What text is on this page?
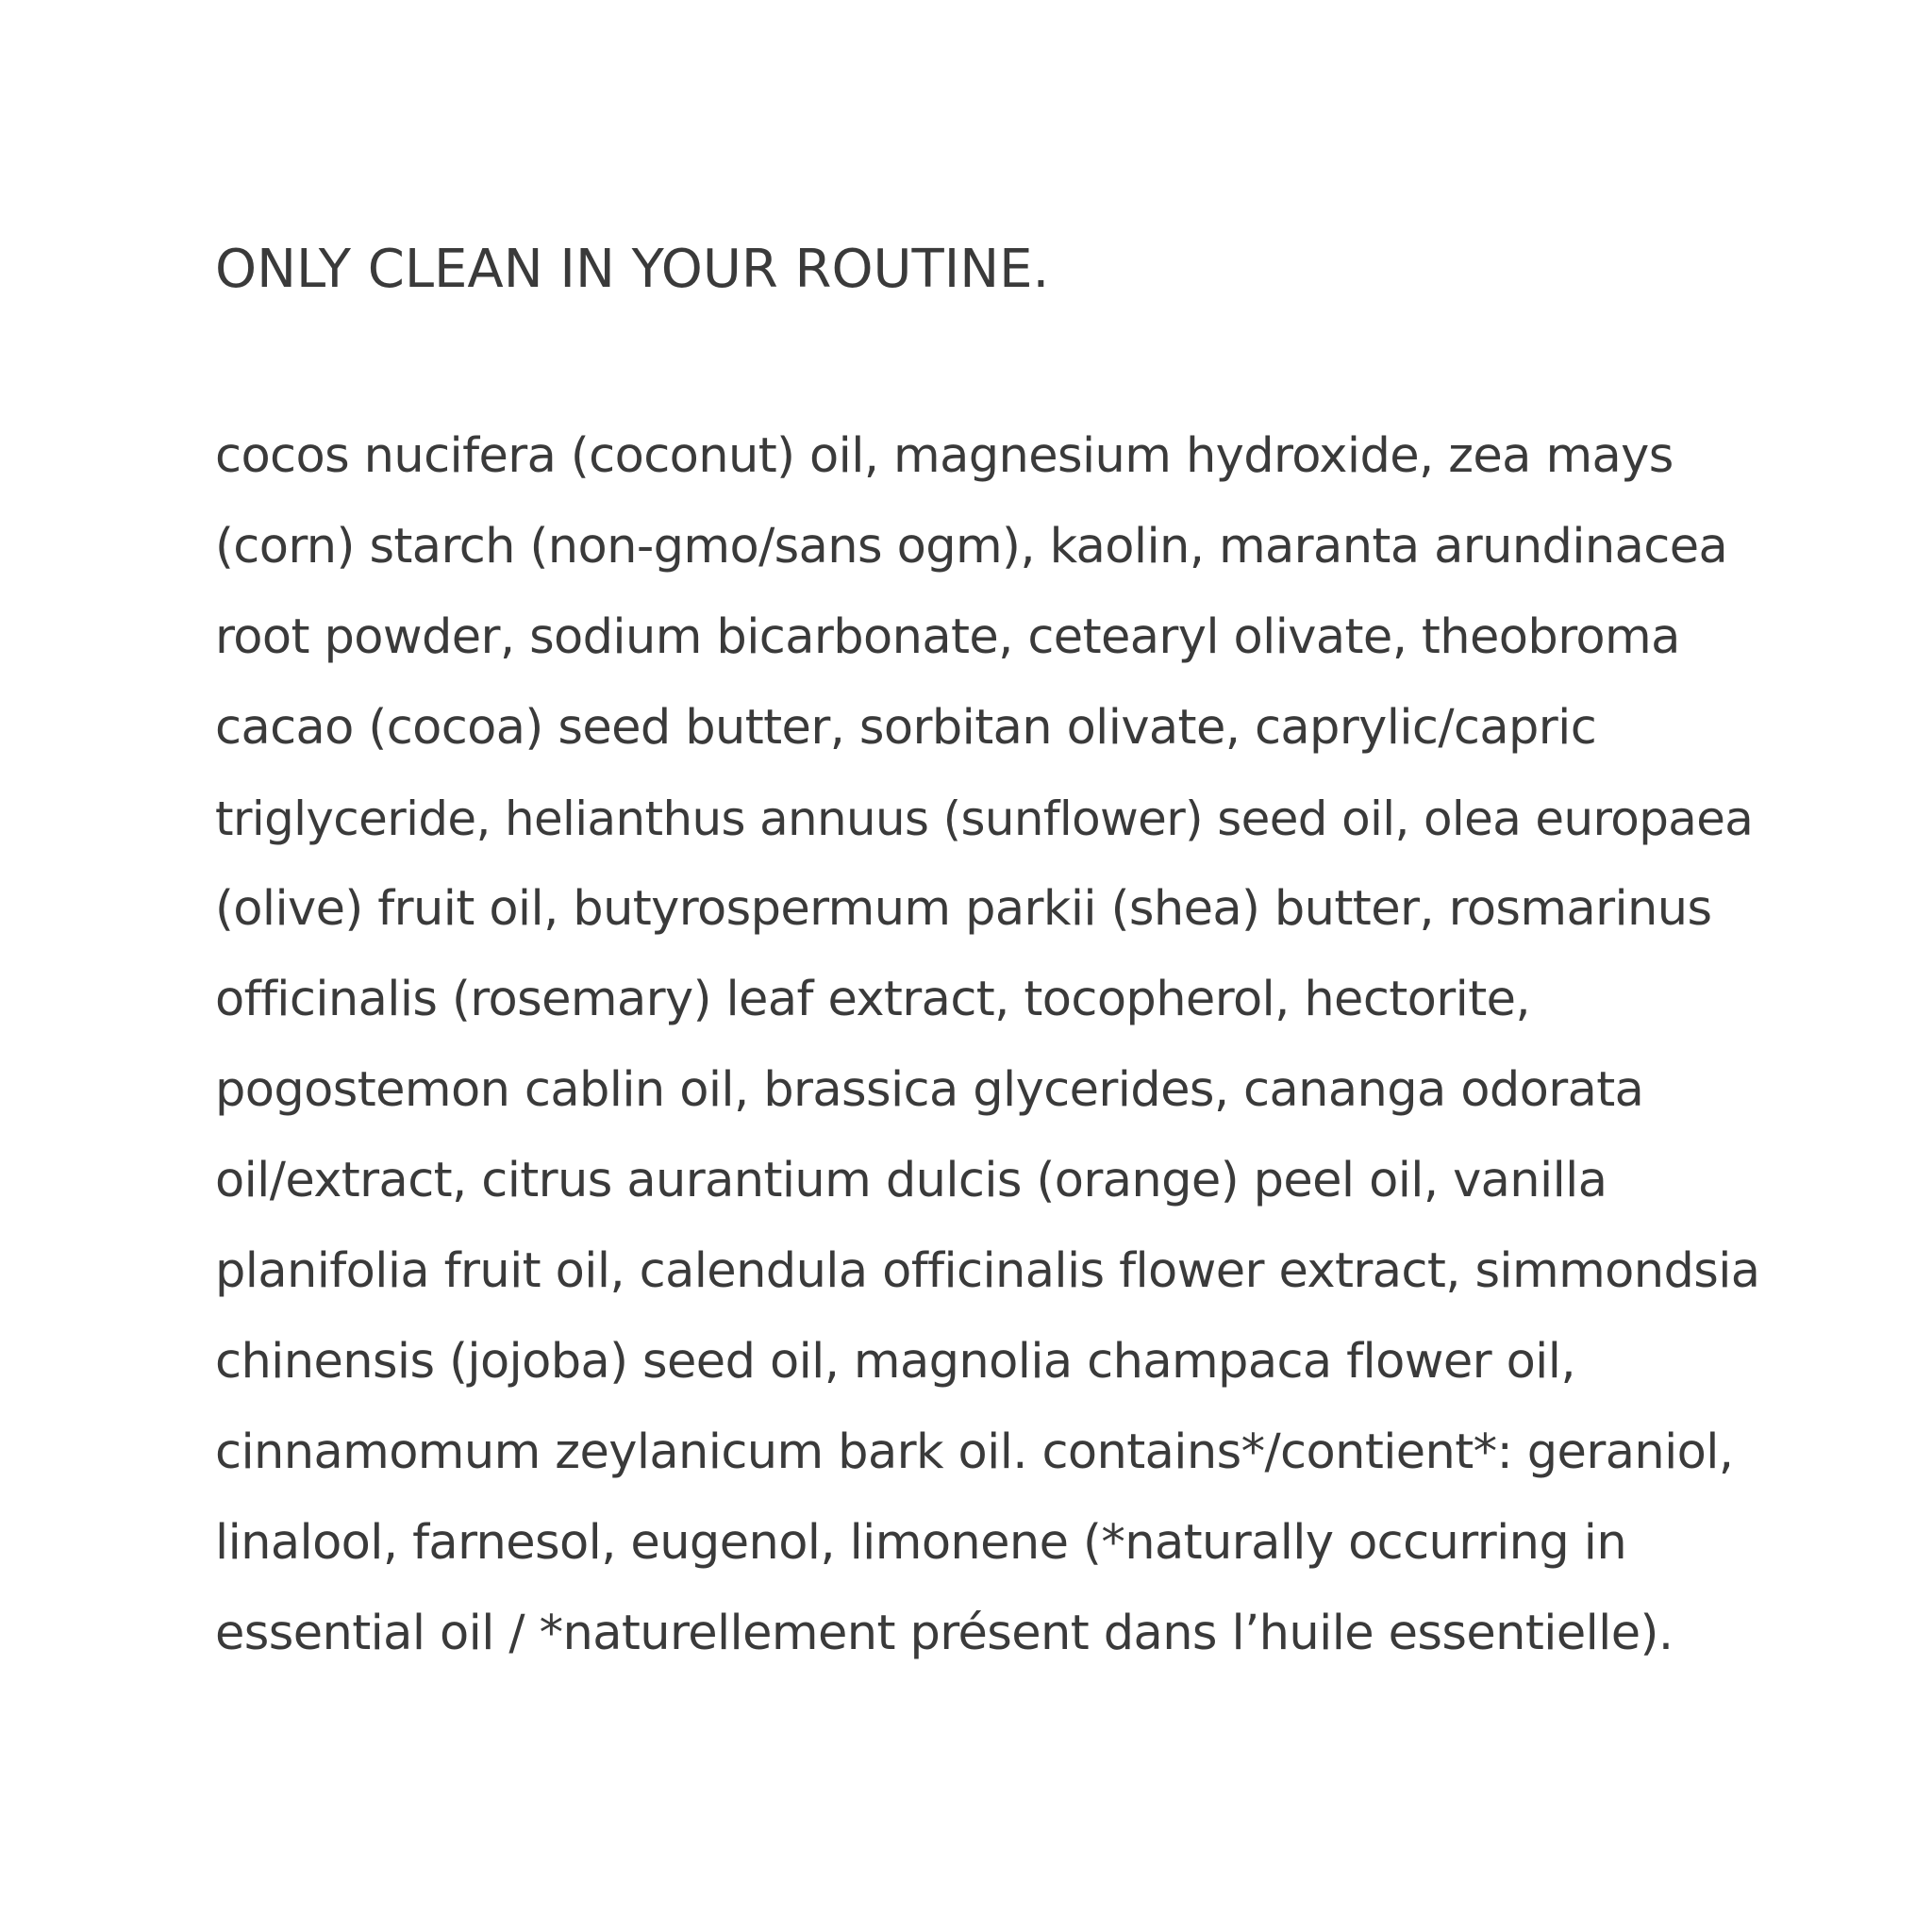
ONLY CLEAN IN YOUR ROUTINE.
cocos nucifera (coconut) oil, magnesium hydroxide, zea mays
(corn) starch (non-gmo/sans ogm), kaolin, maranta arundinacea
root powder, sodium bicarbonate, cetearyl olivate, theobroma
cacao (cocoa) seed butter, sorbitan olivate, caprylic/capric
triglyceride, helianthus annuus (sunflower) seed oil, olea europaea
(olive) fruit oil, butyrospermum parkii (shea) butter, rosmarinus
officinalis (rosemary) leaf extract, tocopherol, hectorite,
pogostemon cablin oil, brassica glycerides, cananga odorata
oil/extract, citrus aurantium dulcis (orange) peel oil, vanilla
planifolia fruit oil, calendula officinalis flower extract, simmondsia
chinensis (jojoba) seed oil, magnolia champaca flower oil,
cinnamomum zeylanicum bark oil. contains*/contient*: geraniol,
linalool, farnesol, eugenol, limonene (*naturally occurring in
essential oil / *naturellement présent dans l’huile essentielle).
